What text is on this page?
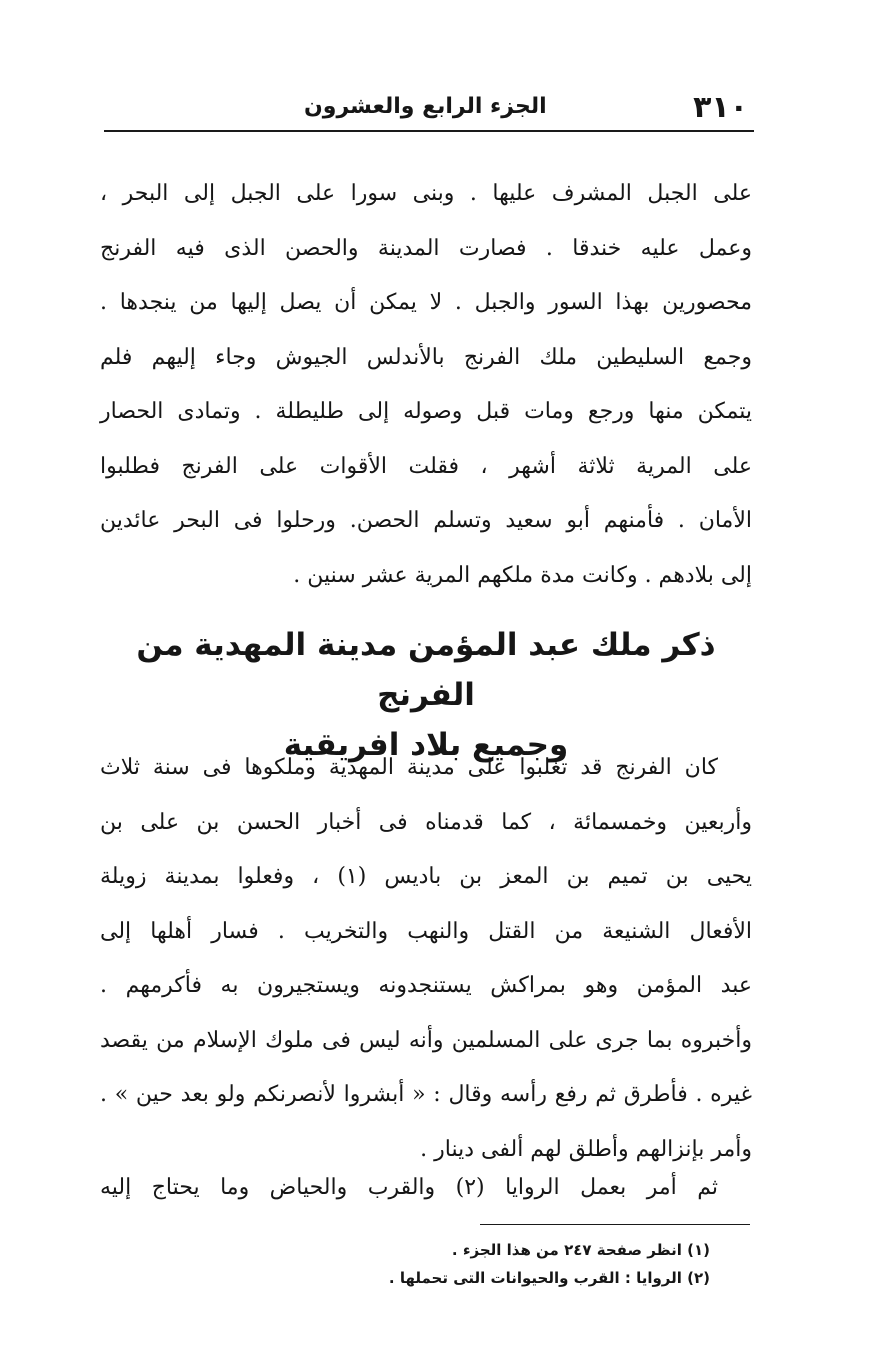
٣١٠
الجزء الرابع والعشرون
على الجبل المشرف عليها . وبنى سورا على الجبل إلى البحر ،
وعمل عليه خندقا . فصارت المدينة والحصن الذى فيه الفرنج
محصورين بهذا السور والجبل . لا يمكن أن يصل إليها من ينجدها .
وجمع السليطين ملك الفرنج بالأندلس الجيوش وجاء إليهم فلم
يتمكن منها ورجع ومات قبل وصوله إلى طليطلة . وتمادى الحصار
على المرية ثلاثة أشهر ، فقلت الأقوات على الفرنج فطلبوا
الأمان . فأمنهم أبو سعيد وتسلم الحصن. ورحلوا فى البحر عائدين
إلى بلادهم . وكانت مدة ملكهم المرية عشر سنين .
ذكر ملك عبد المؤمن مدينة المهدية من الفرنج
وجميع بلاد افريقية
كان الفرنج قد تغلبوا على مدينة المهدية وملكوها فى سنة ثلاث
وأربعين وخمسمائة ، كما قدمناه فى أخبار الحسن بن على بن
يحيى بن تميم بن المعز بن باديس (١) ، وفعلوا بمدينة زويلة
الأفعال الشنيعة من القتل والنهب والتخريب . فسار أهلها إلى
عبد المؤمن وهو بمراكش يستنجدونه ويستجيرون به فأكرمهم .
وأخبروه بما جرى على المسلمين وأنه ليس فى ملوك الإسلام من يقصد
غيره . فأطرق ثم رفع رأسه وقال : « أبشروا لأنصرنكم ولو بعد حين » .
وأمر بإنزالهم وأطلق لهم ألفى دينار .
ثم أمر بعمل الروايا (٢) والقرب والحياض وما يحتاج إليه
(١) انظر صفحة ٢٤٧ من هذا الجزء .
(٢) الروايا : القرب والحيوانات التى تحملها .
